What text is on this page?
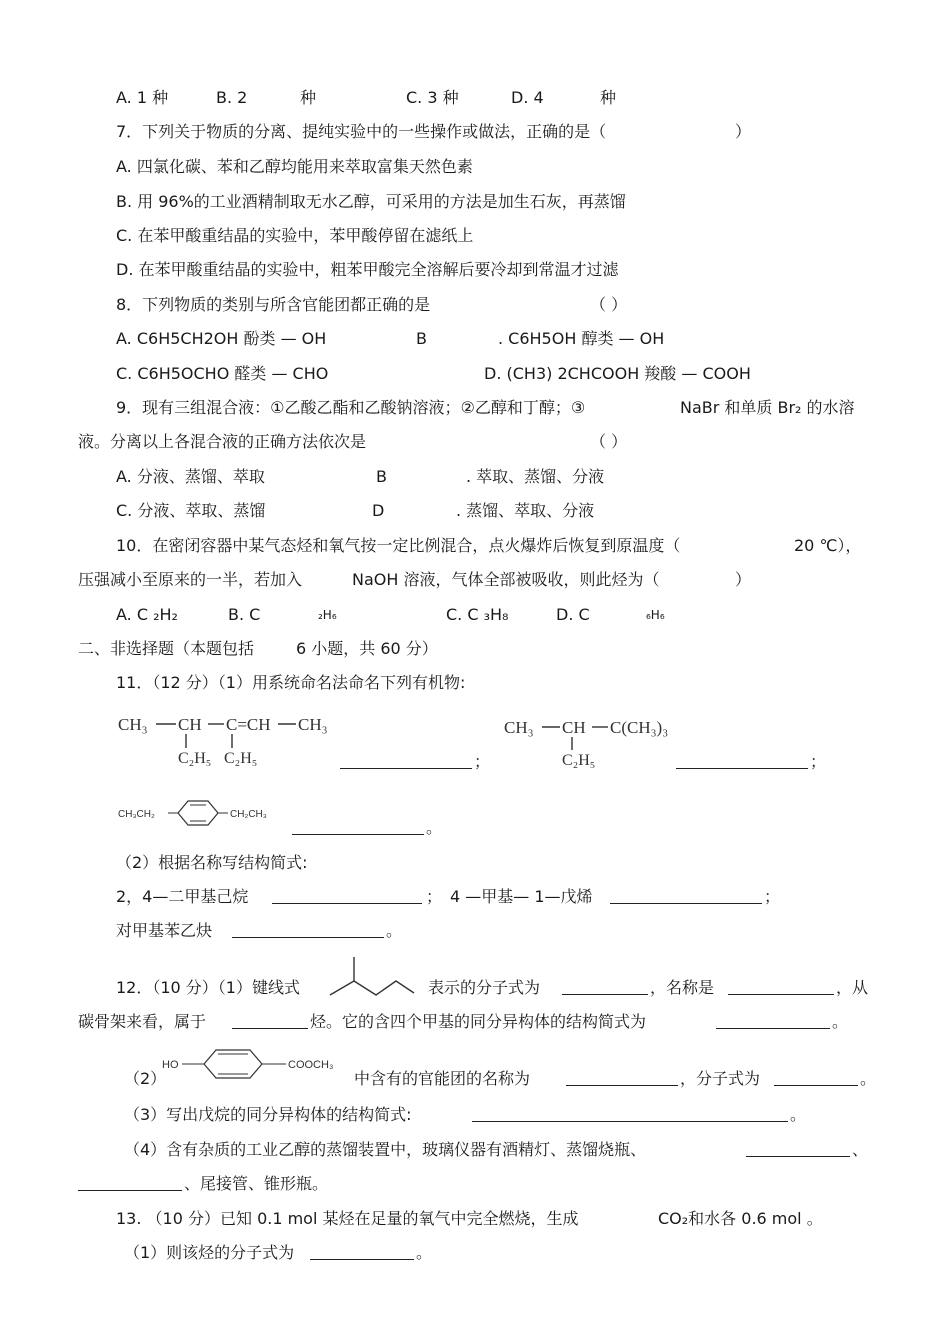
A. 1 种	B. 2	种	C. 3 种	D. 4	种
7．下列关于物质的分离、提纯实验中的一些操作或做法，正确的是（	）
A. 四氯化碳、苯和乙醇均能用来萃取富集天然色素
B. 用 96%的工业酒精制取无水乙醇，可采用的方法是加生石灰，再蒸馏
C. 在苯甲酸重结晶的实验中，苯甲酸停留在滤纸上
D. 在苯甲酸重结晶的实验中，粗苯甲酸完全溶解后要冷却到常温才过滤
8．下列物质的类别与所含官能团都正确的是	（ ）
A. C6H5CH2OH 酚类 — OH	B	. C6H5OH 醇类 — OH
C. C6H5OCHO 醛类 — CHO	D. (CH3) 2CHCOOH 羧酸 — COOH
9．现有三组混合液：①乙酸乙酯和乙酸钠溶液；②乙醇和丁醇；③	NaBr 和单质 Br₂ 的水溶
液。分离以上各混合液的正确方法依次是	（ ）
A. 分液、蒸馏、萃取	B	. 萃取、蒸馏、分液
C. 分液、萃取、蒸馏	D	. 蒸馏、萃取、分液
10．在密闭容器中某气态烃和氧气按一定比例混合，点火爆炸后恢复到原温度（	20 ℃），
压强减小至原来的一半，若加入	NaOH 溶液，气体全部被吸收，则此烃为（	）
A. C ₂H₂	B. C	₂H₆	C. C ₃H₈	D. C	₆H₆
二、非选择题（本题包括	6 小题，共 60 分）
11．（12 分）（1）用系统命名法命名下列有机物:
CH₃ CH C=CH CH₃
C₂H₅ C₂H₅	；
CH₃ CH C(CH₃)₃
C₂H₅	；
CH₃CH₂	CH₂CH₃
。
（2）根据名称写结构简式:
2，4—二甲基己烷	； 4 —甲基— 1—戊烯	；
对甲基苯乙炔	。
12．（10 分）（1）键线式	表示的分子式为	，名称是	，从
碳骨架来看，属于	烃。它的含四个甲基的同分异构体的结构简式为	。
（2）
HO	COOCH₃
中含有的官能团的名称为	，分子式为	。
（3）写出戊烷的同分异构体的结构简式:	。
（4）含有杂质的工业乙醇的蒸馏装置中，玻璃仪器有酒精灯、蒸馏烧瓶、	、
、尾接管、锥形瓶。
13. （10 分）已知 0.1 mol 某烃在足量的氧气中完全燃烧，生成	CO₂和水各 0.6 mol 。
（1）则该烃的分子式为	。
